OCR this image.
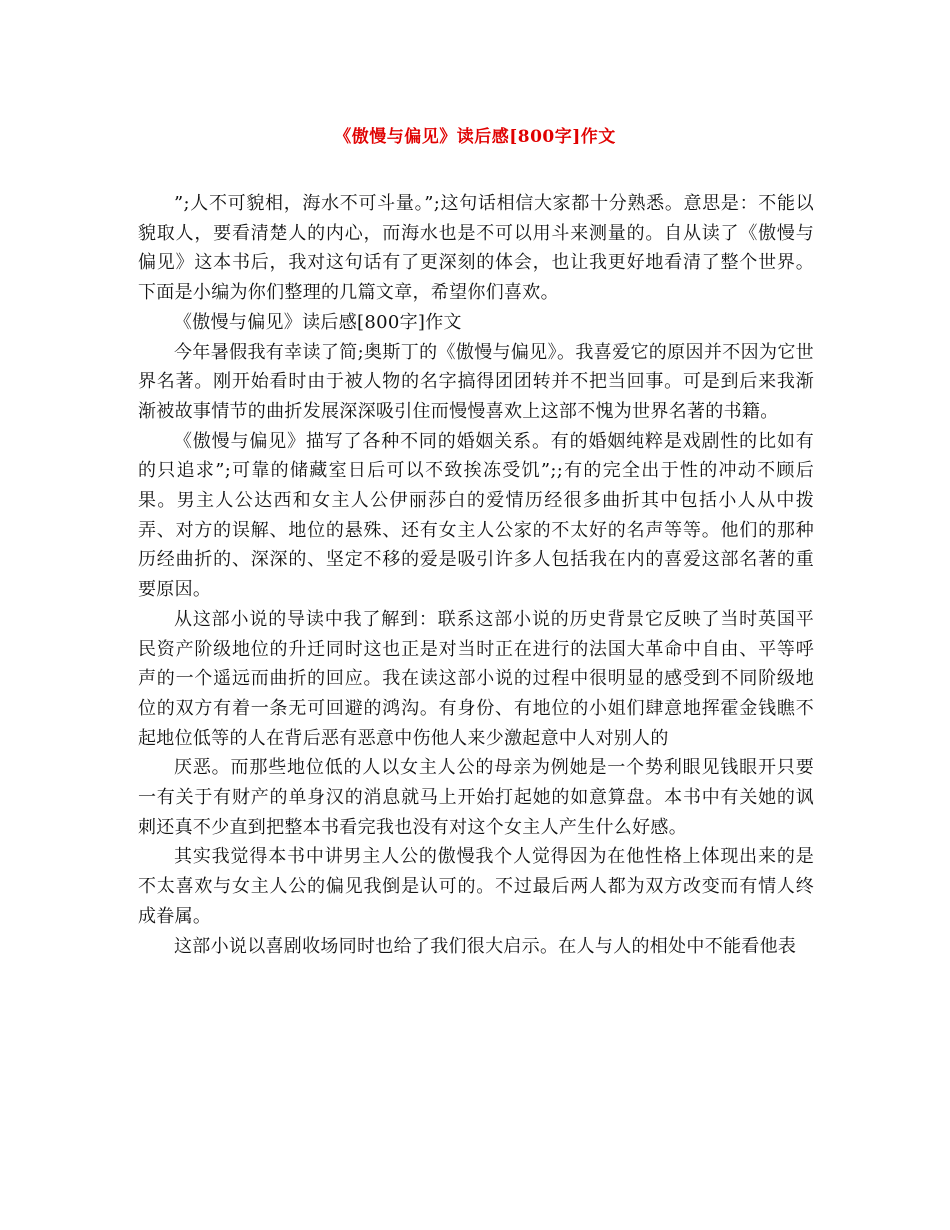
《傲慢与偏见》读后感[800字]作文

”;人不可貌相，海水不可斗量。”;这句话相信大家都十分熟悉。意思是：不能以貌取人，要看清楚人的内心，而海水也是不可以用斗来测量的。自从读了《傲慢与偏见》这本书后，我对这句话有了更深刻的体会，也让我更好地看清了整个世界。下面是小编为你们整理的几篇文章，希望你们喜欢。

《傲慢与偏见》读后感[800字]作文

今年暑假我有幸读了简;奥斯丁的《傲慢与偏见》。我喜爱它的原因并不因为它世界名著。刚开始看时由于被人物的名字搞得团团转并不把当回事。可是到后来我渐渐被故事情节的曲折发展深深吸引住而慢慢喜欢上这部不愧为世界名著的书籍。

《傲慢与偏见》描写了各种不同的婚姻关系。有的婚姻纯粹是戏剧性的比如有的只追求”;可靠的储藏室日后可以不致挨冻受饥”;;有的完全出于性的冲动不顾后果。男主人公达西和女主人公伊丽莎白的爱情历经很多曲折其中包括小人从中拨弄、对方的误解、地位的悬殊、还有女主人公家的不太好的名声等等。他们的那种历经曲折的、深深的、坚定不移的爱是吸引许多人包括我在内的喜爱这部名著的重要原因。

从这部小说的导读中我了解到：联系这部小说的历史背景它反映了当时英国平民资产阶级地位的升迁同时这也正是对当时正在进行的法国大革命中自由、平等呼声的一个遥远而曲折的回应。我在读这部小说的过程中很明显的感受到不同阶级地位的双方有着一条无可回避的鸿沟。有身份、有地位的小姐们肆意地挥霍金钱瞧不起地位低等的人在背后恶有恶意中伤他人来少激起意中人对别人的

厌恶。而那些地位低的人以女主人公的母亲为例她是一个势利眼见钱眼开只要一有关于有财产的单身汉的消息就马上开始打起她的如意算盘。本书中有关她的讽刺还真不少直到把整本书看完我也没有对这个女主人产生什么好感。

其实我觉得本书中讲男主人公的傲慢我个人觉得因为在他性格上体现出来的是不太喜欢与女主人公的偏见我倒是认可的。不过最后两人都为双方改变而有情人终成眷属。

这部小说以喜剧收场同时也给了我们很大启示。在人与人的相处中不能看他表
